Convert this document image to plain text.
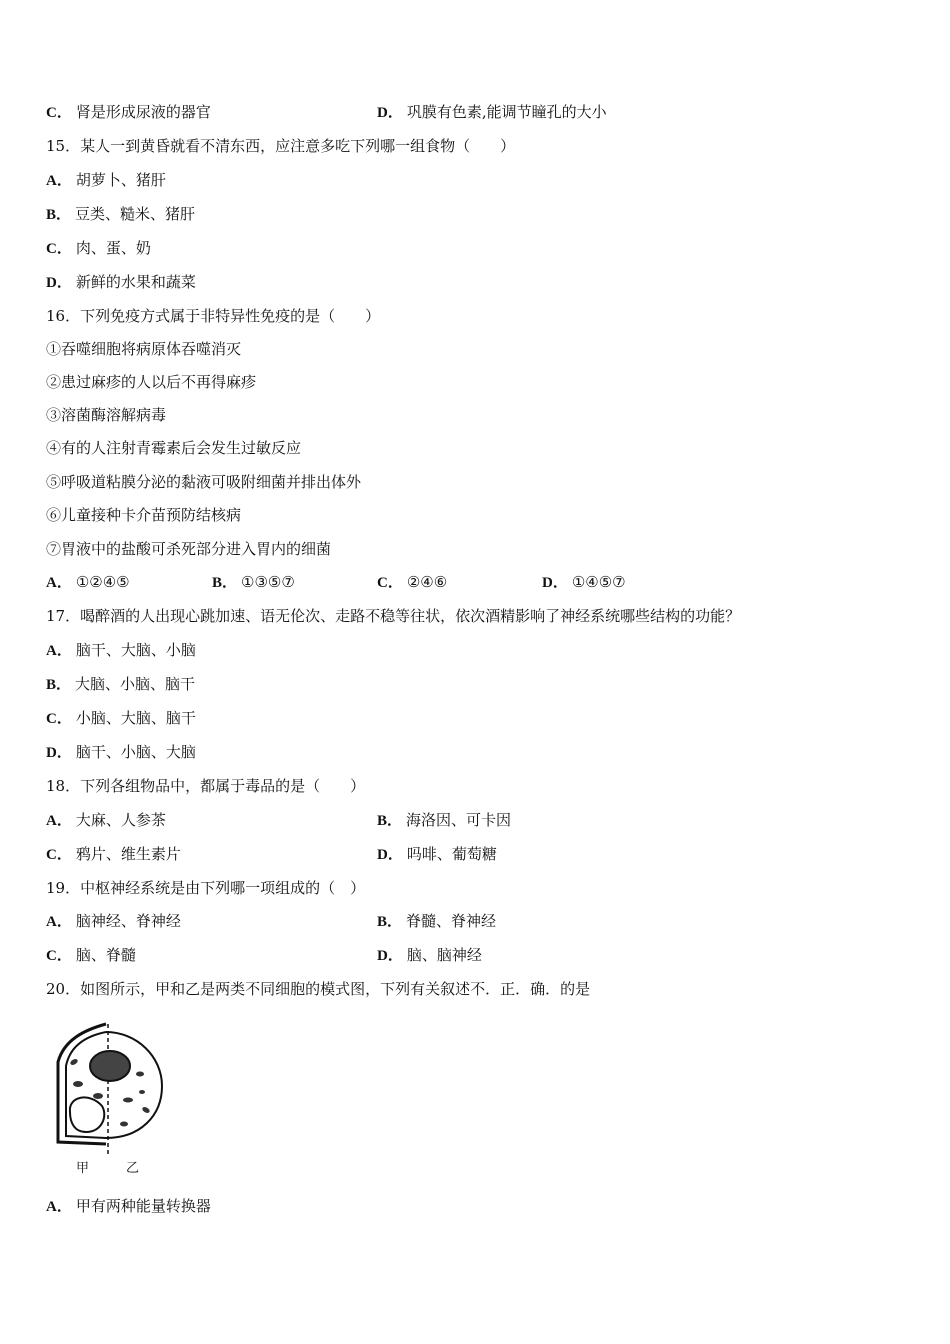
C． 肾是形成尿液的器官	D． 巩膜有色素,能调节瞳孔的大小
15．某人一到黄昏就看不清东西，应注意多吃下列哪一组食物（　　）
A． 胡萝卜、猪肝
B． 豆类、糙米、猪肝
C． 肉、蛋、奶
D． 新鲜的水果和蔬菜
16．下列免疫方式属于非特异性免疫的是（　　）
①吞噬细胞将病原体吞噬消灭
②患过麻疹的人以后不再得麻疹
③溶菌酶溶解病毒
④有的人注射青霉素后会发生过敏反应
⑤呼吸道粘膜分泌的黏液可吸附细菌并排出体外
⑥儿童接种卡介苗预防结核病
⑦胃液中的盐酸可杀死部分进入胃内的细菌
A． ①②④⑤	B． ①③⑤⑦	C． ②④⑥	D． ①④⑤⑦
17．喝醉酒的人出现心跳加速、语无伦次、走路不稳等往状，依次酒精影响了神经系统哪些结构的功能？
A． 脑干、大脑、小脑
B． 大脑、小脑、脑干
C． 小脑、大脑、脑干
D． 脑干、小脑、大脑
18．下列各组物品中，都属于毒品的是（　　）
A． 大麻、人参茶	B． 海洛因、可卡因
C． 鸦片、维生素片	D． 吗啡、葡萄糖
19．中枢神经系统是由下列哪一项组成的（　）
A． 脑神经、脊神经	B． 脊髓、脊神经
C． 脑、脊髓	D． 脑、脑神经
20．如图所示，甲和乙是两类不同细胞的模式图，下列有关叙述不．正．确．的是
甲	乙
A． 甲有两种能量转换器
